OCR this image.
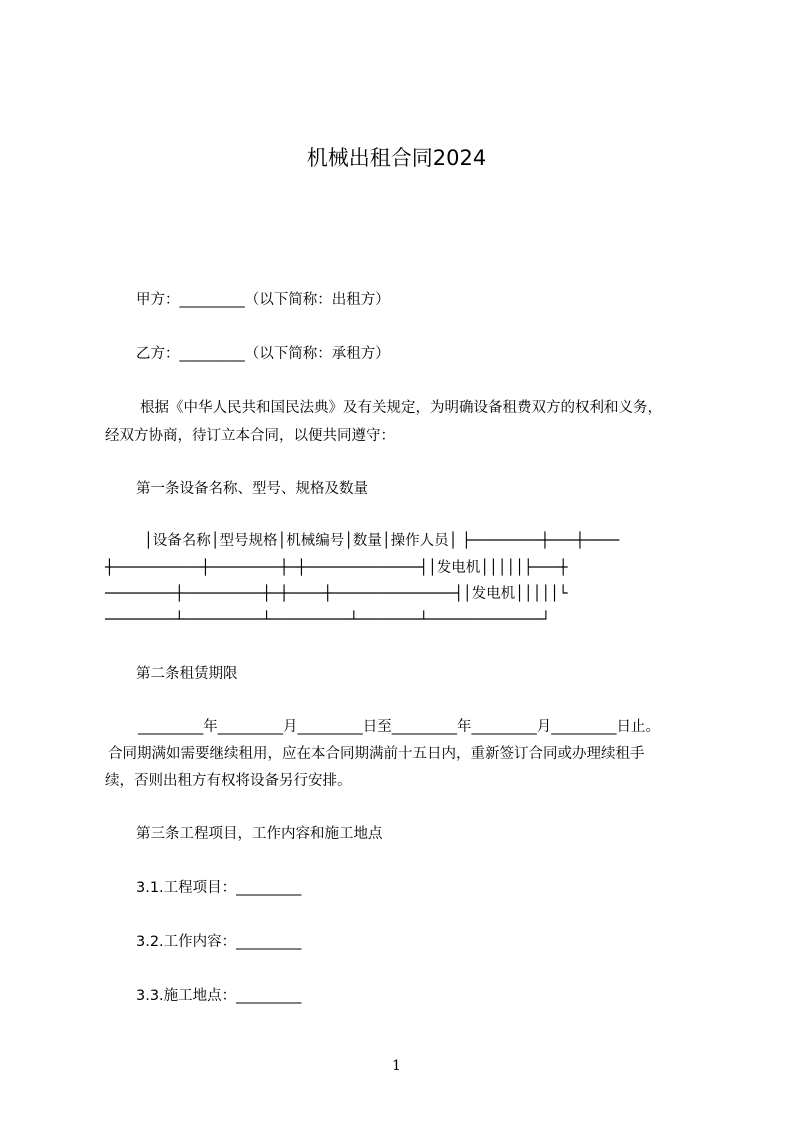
机械出租合同2024
甲方：_________（以下简称：出租方）
乙方：_________（以下简称：承租方）
根据《中华人民共和国民法典》及有关规定，为明确设备租费双方的权利和义务，
经双方协商，待订立本合同，以便共同遵守：
第一条设备名称、型号、规格及数量
│设备名称│型号规格│机械编号│数量│操作人员│ ├────────┼───┼────
┼──────────┼────────┼─┼─────────────┤│发电机│││││├───┼
────────┼─────────┼─┼────┼──────────────┤│发电机│││││└
────────┴─────────┴─────────┴───────┴─────────────┘
第二条租赁期限
_________年_________月_________日至_________年_________月_________日止。
合同期满如需要继续租用，应在本合同期满前十五日内，重新签订合同或办理续租手
续，否则出租方有权将设备另行安排。
第三条工程项目，工作内容和施工地点
3.1.工程项目：_________
3.2.工作内容：_________
3.3.施工地点：_________
1
